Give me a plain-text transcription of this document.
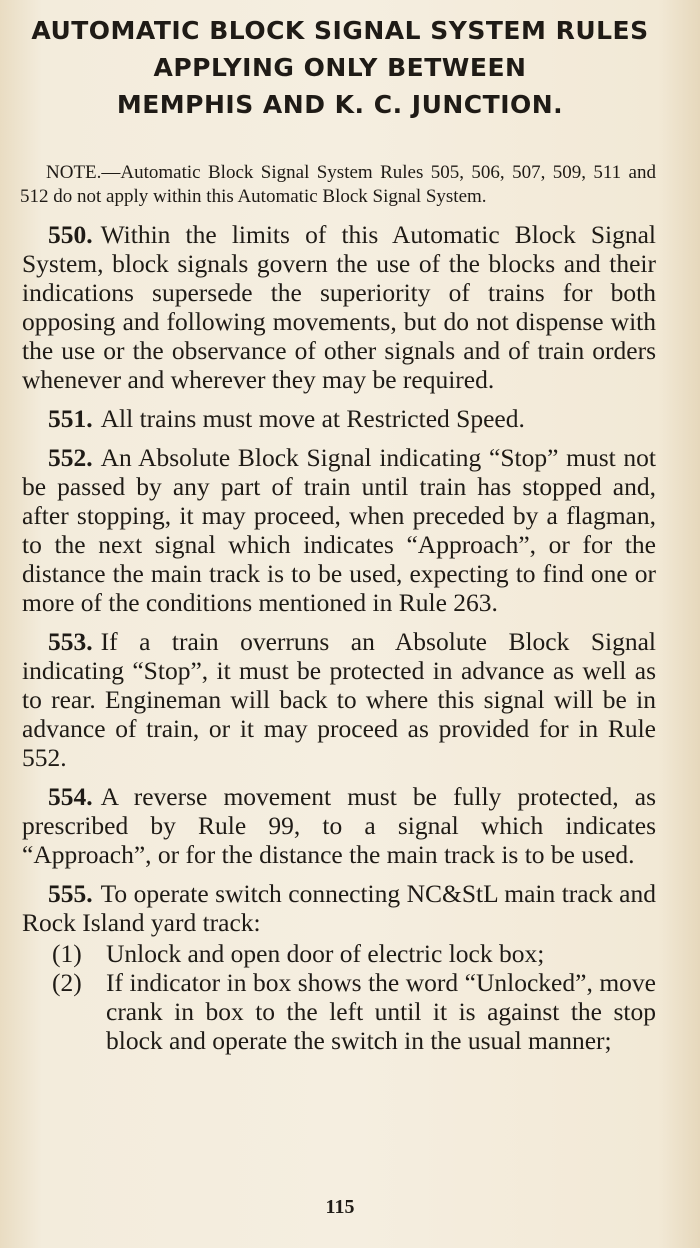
AUTOMATIC BLOCK SIGNAL SYSTEM RULES
APPLYING ONLY BETWEEN
MEMPHIS AND K. C. JUNCTION.

NOTE.—Automatic Block Signal System Rules 505, 506, 507, 509, 511 and 512 do not apply within this Automatic Block Signal System.

550. Within the limits of this Automatic Block Signal System, block signals govern the use of the blocks and their indications supersede the superiority of trains for both opposing and following movements, but do not dispense with the use or the observance of other signals and of train orders whenever and wherever they may be required.

551. All trains must move at Restricted Speed.

552. An Absolute Block Signal indicating “Stop” must not be passed by any part of train until train has stopped and, after stopping, it may proceed, when preceded by a flagman, to the next signal which indicates “Approach”, or for the distance the main track is to be used, expecting to find one or more of the conditions mentioned in Rule 263.

553. If a train overruns an Absolute Block Signal indicating “Stop”, it must be protected in advance as well as to rear. Engineman will back to where this signal will be in advance of train, or it may proceed as provided for in Rule 552.

554. A reverse movement must be fully protected, as prescribed by Rule 99, to a signal which indicates “Approach”, or for the distance the main track is to be used.

555. To operate switch connecting NC&StL main track and Rock Island yard track:

(1) Unlock and open door of electric lock box;
(2) If indicator in box shows the word “Unlocked”, move crank in box to the left until it is against the stop block and operate the switch in the usual manner;
115
